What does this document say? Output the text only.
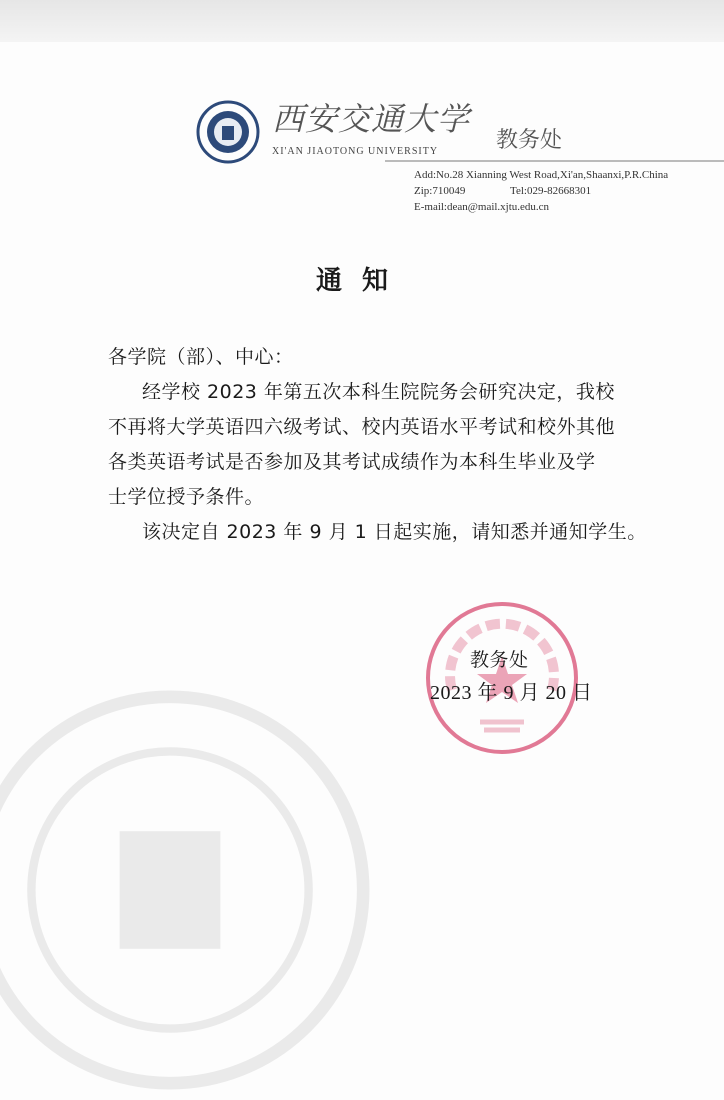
西安交通大学
XI'AN JIAOTONG UNIVERSITY	教务处
Add:No.28 Xianning West Road,Xi'an,Shaanxi,P.R.China
Zip:710049	Tel:029-82668301
E-mail:dean@mail.xjtu.edu.cn
通知
各学院（部）、中心：
经学校 2023 年第五次本科生院院务会研究决定，我校
不再将大学英语四六级考试、校内英语水平考试和校外其他
各类英语考试是否参加及其考试成绩作为本科生毕业及学
士学位授予条件。
该决定自 2023 年 9 月 1 日起实施，请知悉并通知学生。
教务处
2023 年 9 月 20 日
